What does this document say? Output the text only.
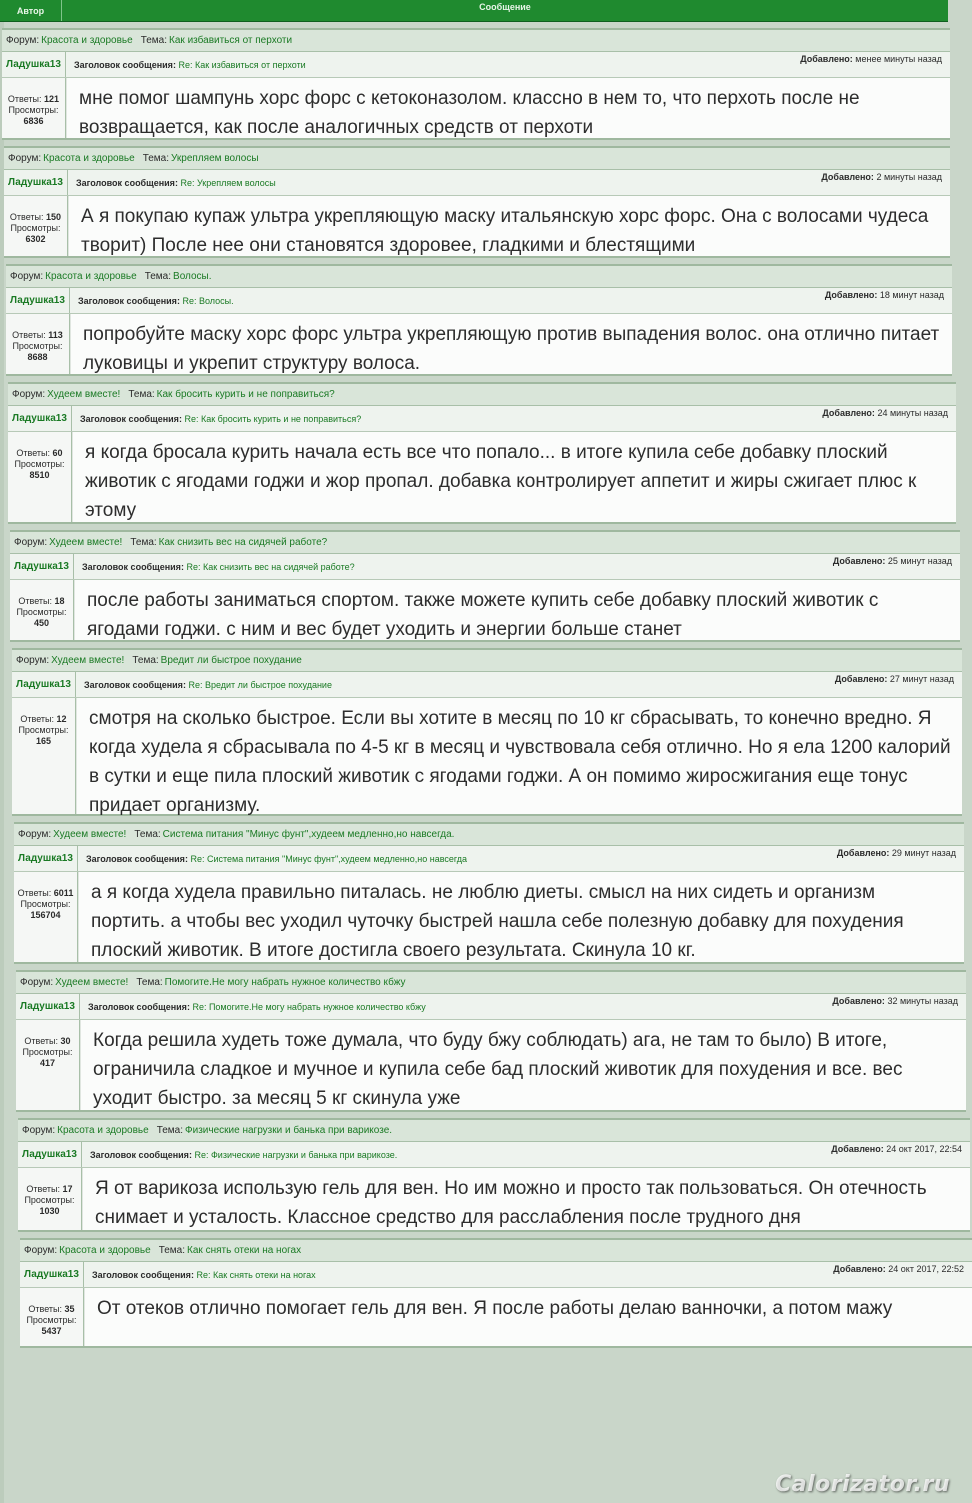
Автор	Сообщение
Форум: Красота и здоровье Тема: Как избавиться от перхоти
Ладушка13	Заголовок сообщения: Re: Как избавиться от перхоти
Добавлено: менее минуты назад
Ответы: 121
Просмотры:
6836
мне помог шампунь хорс форс с кетоконазолом. классно в нем то, что перхоть после не возвращается, как после аналогичных средств от перхоти
Форум: Красота и здоровье Тема: Укрепляем волосы
Ладушка13	Заголовок сообщения: Re: Укрепляем волосы
Добавлено: 2 минуты назад
Ответы: 150
Просмотры:
6302
А я покупаю купаж ультра укрепляющую маску итальянскую хорс форс. Она с волосами чудеса творит) После нее они становятся здоровее, гладкими и блестящими
Форум: Красота и здоровье Тема: Волосы.
Ладушка13	Заголовок сообщения: Re: Волосы.
Добавлено: 18 минут назад
Ответы: 113
Просмотры:
8688
попробуйте маску хорс форс ультра укрепляющую против выпадения волос. она отлично питает луковицы и укрепит структуру волоса.
Форум: Худеем вместе! Тема: Как бросить курить и не поправиться?
Ладушка13	Заголовок сообщения: Re: Как бросить курить и не поправиться?
Добавлено: 24 минуты назад
Ответы: 60
Просмотры:
8510
я когда бросала курить начала есть все что попало... в итоге купила себе добавку плоский животик с ягодами годжи и жор пропал. добавка контролирует аппетит и жиры сжигает плюс к этому
Форум: Худеем вместе! Тема: Как снизить вес на сидячей работе?
Ладушка13	Заголовок сообщения: Re: Как снизить вес на сидячей работе?
Добавлено: 25 минут назад
Ответы: 18
Просмотры:
450
после работы заниматься спортом. также можете купить себе добавку плоский животик с ягодами годжи. с ним и вес будет уходить и энергии больше станет
Форум: Худеем вместе! Тема: Вредит ли быстрое похудание
Ладушка13	Заголовок сообщения: Re: Вредит ли быстрое похудание
Добавлено: 27 минут назад
Ответы: 12
Просмотры:
165
смотря на сколько быстрое. Если вы хотите в месяц по 10 кг сбрасывать, то конечно вредно. Я когда худела я сбрасывала по 4-5 кг в месяц и чувствовала себя отлично. Но я ела 1200 калорий в сутки и еще пила плоский животик с ягодами годжи. А он помимо жиросжигания еще тонус придает организму.
Форум: Худеем вместе! Тема: Система питания "Минус фунт",худеем медленно,но навсегда.
Ладушка13	Заголовок сообщения: Re: Система питания "Минус фунт",худеем медленно,но навсегда
Добавлено: 29 минут назад
Ответы: 6011
Просмотры:
156704
а я когда худела правильно питалась. не люблю диеты. смысл на них сидеть и организм портить. а чтобы вес уходил чуточку быстрей нашла себе полезную добавку для похудения плоский животик. В итоге достигла своего результата. Скинула 10 кг.
Форум: Худеем вместе! Тема: Помогите.Не могу набрать нужное количество кбжу
Ладушка13	Заголовок сообщения: Re: Помогите.Не могу набрать нужное количество кбжу
Добавлено: 32 минуты назад
Ответы: 30
Просмотры:
417
Когда решила худеть тоже думала, что буду бжу соблюдать) ага, не там то было) В итоге, ограничила сладкое и мучное и купила себе бад плоский животик для похудения и все. вес уходит быстро. за месяц 5 кг скинула уже
Форум: Красота и здоровье Тема: Физические нагрузки и банька при варикозе.
Ладушка13	Заголовок сообщения: Re: Физические нагрузки и банька при варикозе.
Добавлено: 24 окт 2017, 22:54
Ответы: 17
Просмотры:
1030
Я от варикоза использую гель для вен. Но им можно и просто так пользоваться. Он отечность снимает и усталость. Классное средство для расслабления после трудного дня
Форум: Красота и здоровье Тема: Как снять отеки на ногах
Ладушка13	Заголовок сообщения: Re: Как снять отеки на ногах
Добавлено: 24 окт 2017, 22:52
Ответы: 35
Просмотры:
5437
От отеков отлично помогает гель для вен. Я после работы делаю ванночки, а потом мажу
Calorizator.ru
